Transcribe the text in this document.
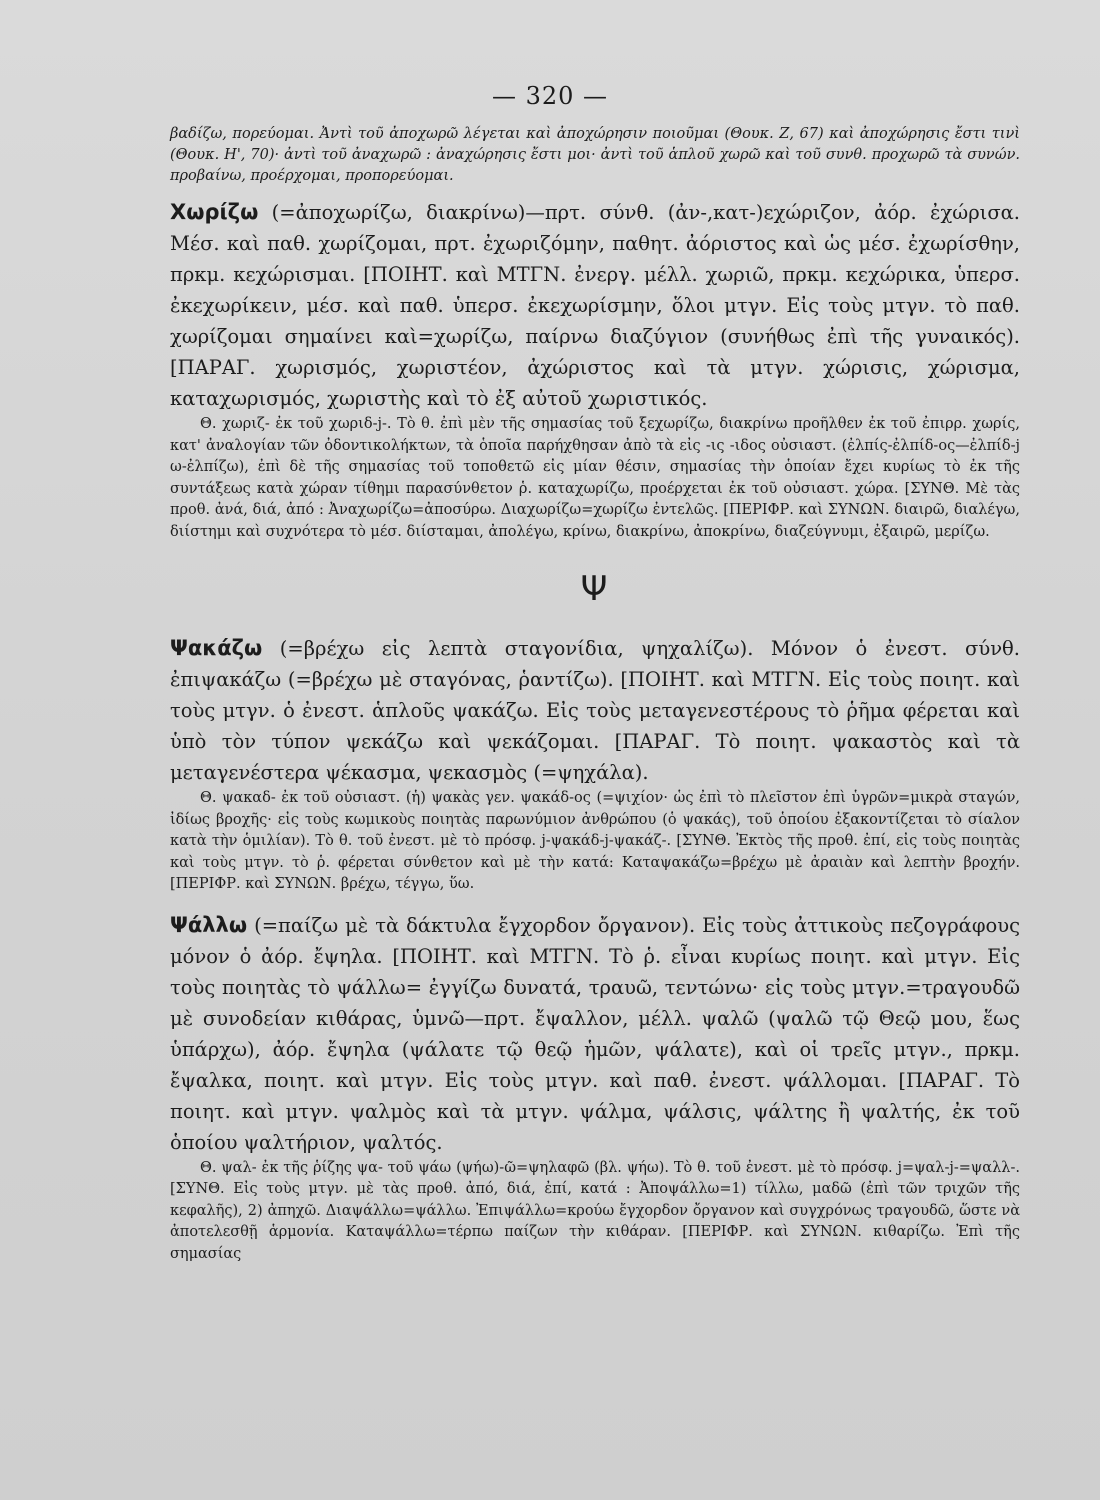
— 320 —

βαδίζω, πορεύομαι. Ἀντὶ τοῦ ἀποχωρῶ λέγεται καὶ ἀποχώρησιν ποιοῦμαι (Θουκ. Ζ, 67) καὶ ἀποχώρησις ἔστι τινὶ (Θουκ. Η', 70)· ἀντὶ τοῦ ἀναχωρῶ : ἀναχώρησις ἔστι μοι· ἀντὶ τοῦ ἁπλοῦ χωρῶ καὶ τοῦ συνθ. προχωρῶ τὰ συνών. προβαίνω, προέρχομαι, προπορεύομαι.

Χωρίζω (=ἀποχωρίζω, διακρίνω)—πρτ. σύνθ. (ἀν-,κατ-)εχώριζον, ἀόρ. ἐχώρισα. Μέσ. καὶ παθ. χωρίζομαι, πρτ. ἐχωριζόμην, παθητ. ἀόριστος καὶ ὡς μέσ. ἐχωρίσθην, πρκμ. κεχώρισμαι. [ΠΟΙΗΤ. καὶ ΜΤΓΝ. ἐνεργ. μέλλ. χωριῶ, πρκμ. κεχώρικα, ὑπερσ. ἐκεχωρίκειν, μέσ. καὶ παθ. ὑπερσ. ἐκεχωρίσμην, ὅλοι μτγν. Εἰς τοὺς μτγν. τὸ παθ. χωρίζομαι σημαίνει καὶ=χωρίζω, παίρνω διαζύγιον (συνήθως ἐπὶ τῆς γυναικός). [ΠΑΡΑΓ. χωρισμός, χωριστέον, ἀχώριστος καὶ τὰ μτγν. χώρισις, χώρισμα, καταχωρισμός, χωριστὴς καὶ τὸ ἐξ αὐτοῦ χωριστικός.

Θ. χωριζ- ἐκ τοῦ χωριδ-j-. Τὸ θ. ἐπὶ μὲν τῆς σημασίας τοῦ ξεχωρίζω, διακρίνω προῆλθεν ἐκ τοῦ ἐπιρρ. χωρίς, κατ' ἀναλογίαν τῶν ὀδοντικολήκτων, τὰ ὁποῖα παρήχθησαν ἀπὸ τὰ εἰς -ις -ιδος οὐσιαστ. (ἐλπίς-ἐλπίδ-ος—ἐλπίδ-j ω-ἐλπίζω), ἐπὶ δὲ τῆς σημασίας τοῦ τοποθετῶ εἰς μίαν θέσιν, σημασίας τὴν ὁποίαν ἔχει κυρίως τὸ ἐκ τῆς συντάξεως κατὰ χώραν τίθημι παρασύνθετον ῥ. καταχωρίζω, προέρχεται ἐκ τοῦ οὐσιαστ. χώρα. [ΣΥΝΘ. Μὲ τὰς προθ. ἀνά, διά, ἀπό : Ἀναχωρίζω=ἀποσύρω. Διαχωρίζω=χωρίζω ἐντελῶς. [ΠΕΡΙΦΡ. καὶ ΣΥΝΩΝ. διαιρῶ, διαλέγω, διίστημι καὶ συχνότερα τὸ μέσ. διίσταμαι, ἀπολέγω, κρίνω, διακρίνω, ἀποκρίνω, διαζεύγνυμι, ἐξαιρῶ, μερίζω.

Ψ

Ψακάζω (=βρέχω εἰς λεπτὰ σταγονίδια, ψηχαλίζω). Μόνον ὁ ἐνεστ. σύνθ. ἐπιψακάζω (=βρέχω μὲ σταγόνας, ῥαντίζω). [ΠΟΙΗΤ. καὶ ΜΤΓΝ. Εἰς τοὺς ποιητ. καὶ τοὺς μτγν. ὁ ἐνεστ. ἁπλοῦς ψακάζω. Εἰς τοὺς μεταγενεστέρους τὸ ῥῆμα φέρεται καὶ ὑπὸ τὸν τύπον ψεκάζω καὶ ψεκάζομαι. [ΠΑΡΑΓ. Τὸ ποιητ. ψακαστὸς καὶ τὰ μεταγενέστερα ψέκασμα, ψεκασμὸς (=ψηχάλα).

Θ. ψακαδ- ἐκ τοῦ οὐσιαστ. (ἡ) ψακὰς γεν. ψακάδ-ος (=ψιχίον· ὡς ἐπὶ τὸ πλεῖστον ἐπὶ ὑγρῶν=μικρὰ σταγών, ἰδίως βροχῆς· εἰς τοὺς κωμικοὺς ποιητὰς παρωνύμιον ἀνθρώπου (ὁ ψακάς), τοῦ ὁποίου ἐξακοντίζεται τὸ σίαλον κατὰ τὴν ὁμιλίαν). Τὸ θ. τοῦ ἐνεστ. μὲ τὸ πρόσφ. j-ψακάδ-j-ψακάζ-. [ΣΥΝΘ. Ἐκτὸς τῆς προθ. ἐπί, εἰς τοὺς ποιητὰς καὶ τοὺς μτγν. τὸ ῥ. φέρεται σύνθετον καὶ μὲ τὴν κατά: Καταψακάζω=βρέχω μὲ ἀραιὰν καὶ λεπτὴν βροχήν. [ΠΕΡΙΦΡ. καὶ ΣΥΝΩΝ. βρέχω, τέγγω, ὕω.

Ψάλλω (=παίζω μὲ τὰ δάκτυλα ἔγχορδον ὄργανον). Εἰς τοὺς ἀττικοὺς πεζογράφους μόνον ὁ ἀόρ. ἔψηλα. [ΠΟΙΗΤ. καὶ ΜΤΓΝ. Τὸ ῥ. εἶναι κυρίως ποιητ. καὶ μτγν. Εἰς τοὺς ποιητὰς τὸ ψάλλω= ἐγγίζω δυνατά, τραυῶ, τεντώνω· εἰς τοὺς μτγν.=τραγουδῶ μὲ συνοδείαν κιθάρας, ὑμνῶ—πρτ. ἔψαλλον, μέλλ. ψαλῶ (ψαλῶ τῷ Θεῷ μου, ἕως ὑπάρχω), ἀόρ. ἔψηλα (ψάλατε τῷ θεῷ ἡμῶν, ψάλατε), καὶ οἱ τρεῖς μτγν., πρκμ. ἔψαλκα, ποιητ. καὶ μτγν. Εἰς τοὺς μτγν. καὶ παθ. ἐνεστ. ψάλλομαι. [ΠΑΡΑΓ. Τὸ ποιητ. καὶ μτγν. ψαλμὸς καὶ τὰ μτγν. ψάλμα, ψάλσις, ψάλτης ἢ ψαλτής, ἐκ τοῦ ὁποίου ψαλτήριον, ψαλτός.

Θ. ψαλ- ἐκ τῆς ῥίζης ψα- τοῦ ψάω (ψήω)-ῶ=ψηλαφῶ (βλ. ψήω). Τὸ θ. τοῦ ἐνεστ. μὲ τὸ πρόσφ. j=ψαλ-j-=ψαλλ-. [ΣΥΝΘ. Εἰς τοὺς μτγν. μὲ τὰς προθ. ἀπό, διά, ἐπί, κατά : Ἀποψάλλω=1) τίλλω, μαδῶ (ἐπὶ τῶν τριχῶν τῆς κεφαλῆς), 2) ἀπηχῶ. Διαψάλλω=ψάλλω. Ἐπιψάλλω=κρούω ἔγχορδον ὄργανον καὶ συγχρόνως τραγουδῶ, ὥστε νὰ ἀποτελεσθῇ ἁρμονία. Καταψάλλω=τέρπω παίζων τὴν κιθάραν. [ΠΕΡΙΦΡ. καὶ ΣΥΝΩΝ. κιθαρίζω. Ἐπὶ τῆς σημασίας
